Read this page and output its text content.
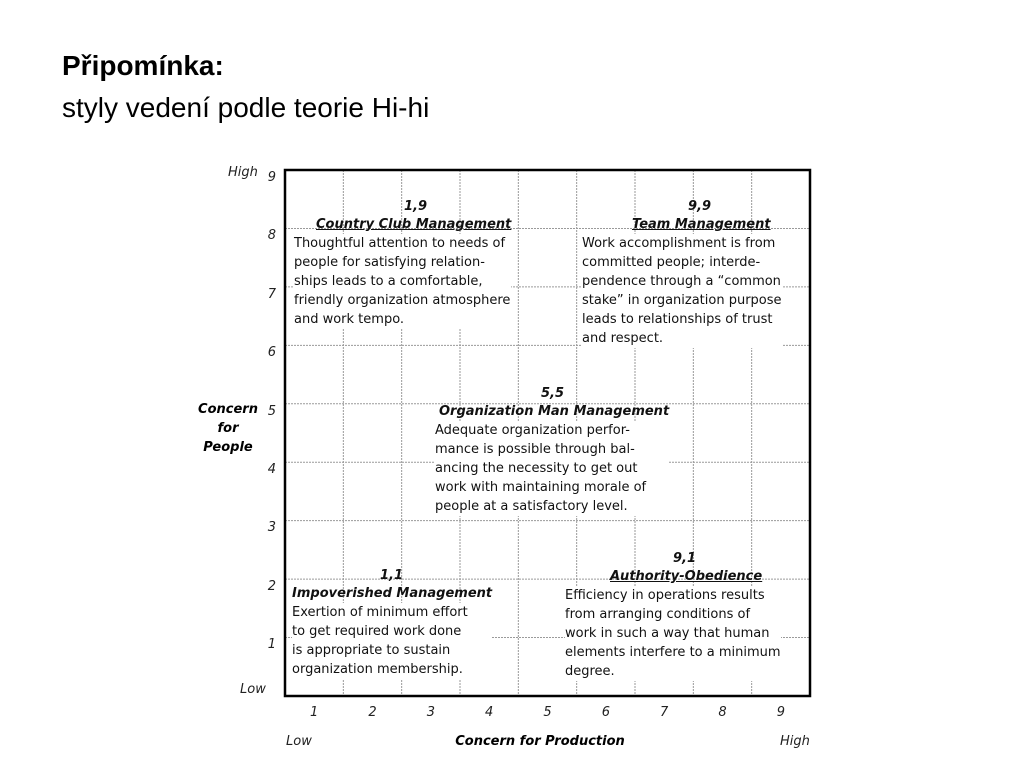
Připomínka:
styly vedení podle teorie Hi-hi
High
Low
Concern
for
People
9
8
7
6
5
4
3
2
1
1	2	3	4	5	6	7	8	9
Low	High
Concern for Production
1,9
Country Club Management
Thoughtful attention to needs of
people for satisfying relation-
ships leads to a comfortable,
friendly organization atmosphere
and work tempo.
9,9
Team Management
Work accomplishment is from
committed people; interde-
pendence through a “common
stake” in organization purpose
leads to relationships of trust
and respect.
5,5
Organization Man Management
Adequate organization perfor-
mance is possible through bal-
ancing the necessity to get out
work with maintaining morale of
people at a satisfactory level.
1,1
Impoverished Management
Exertion of minimum effort
to get required work done
is appropriate to sustain
organization membership.
9,1
Authority-Obedience
Efficiency in operations results
from arranging conditions of
work in such a way that human
elements interfere to a minimum
degree.
